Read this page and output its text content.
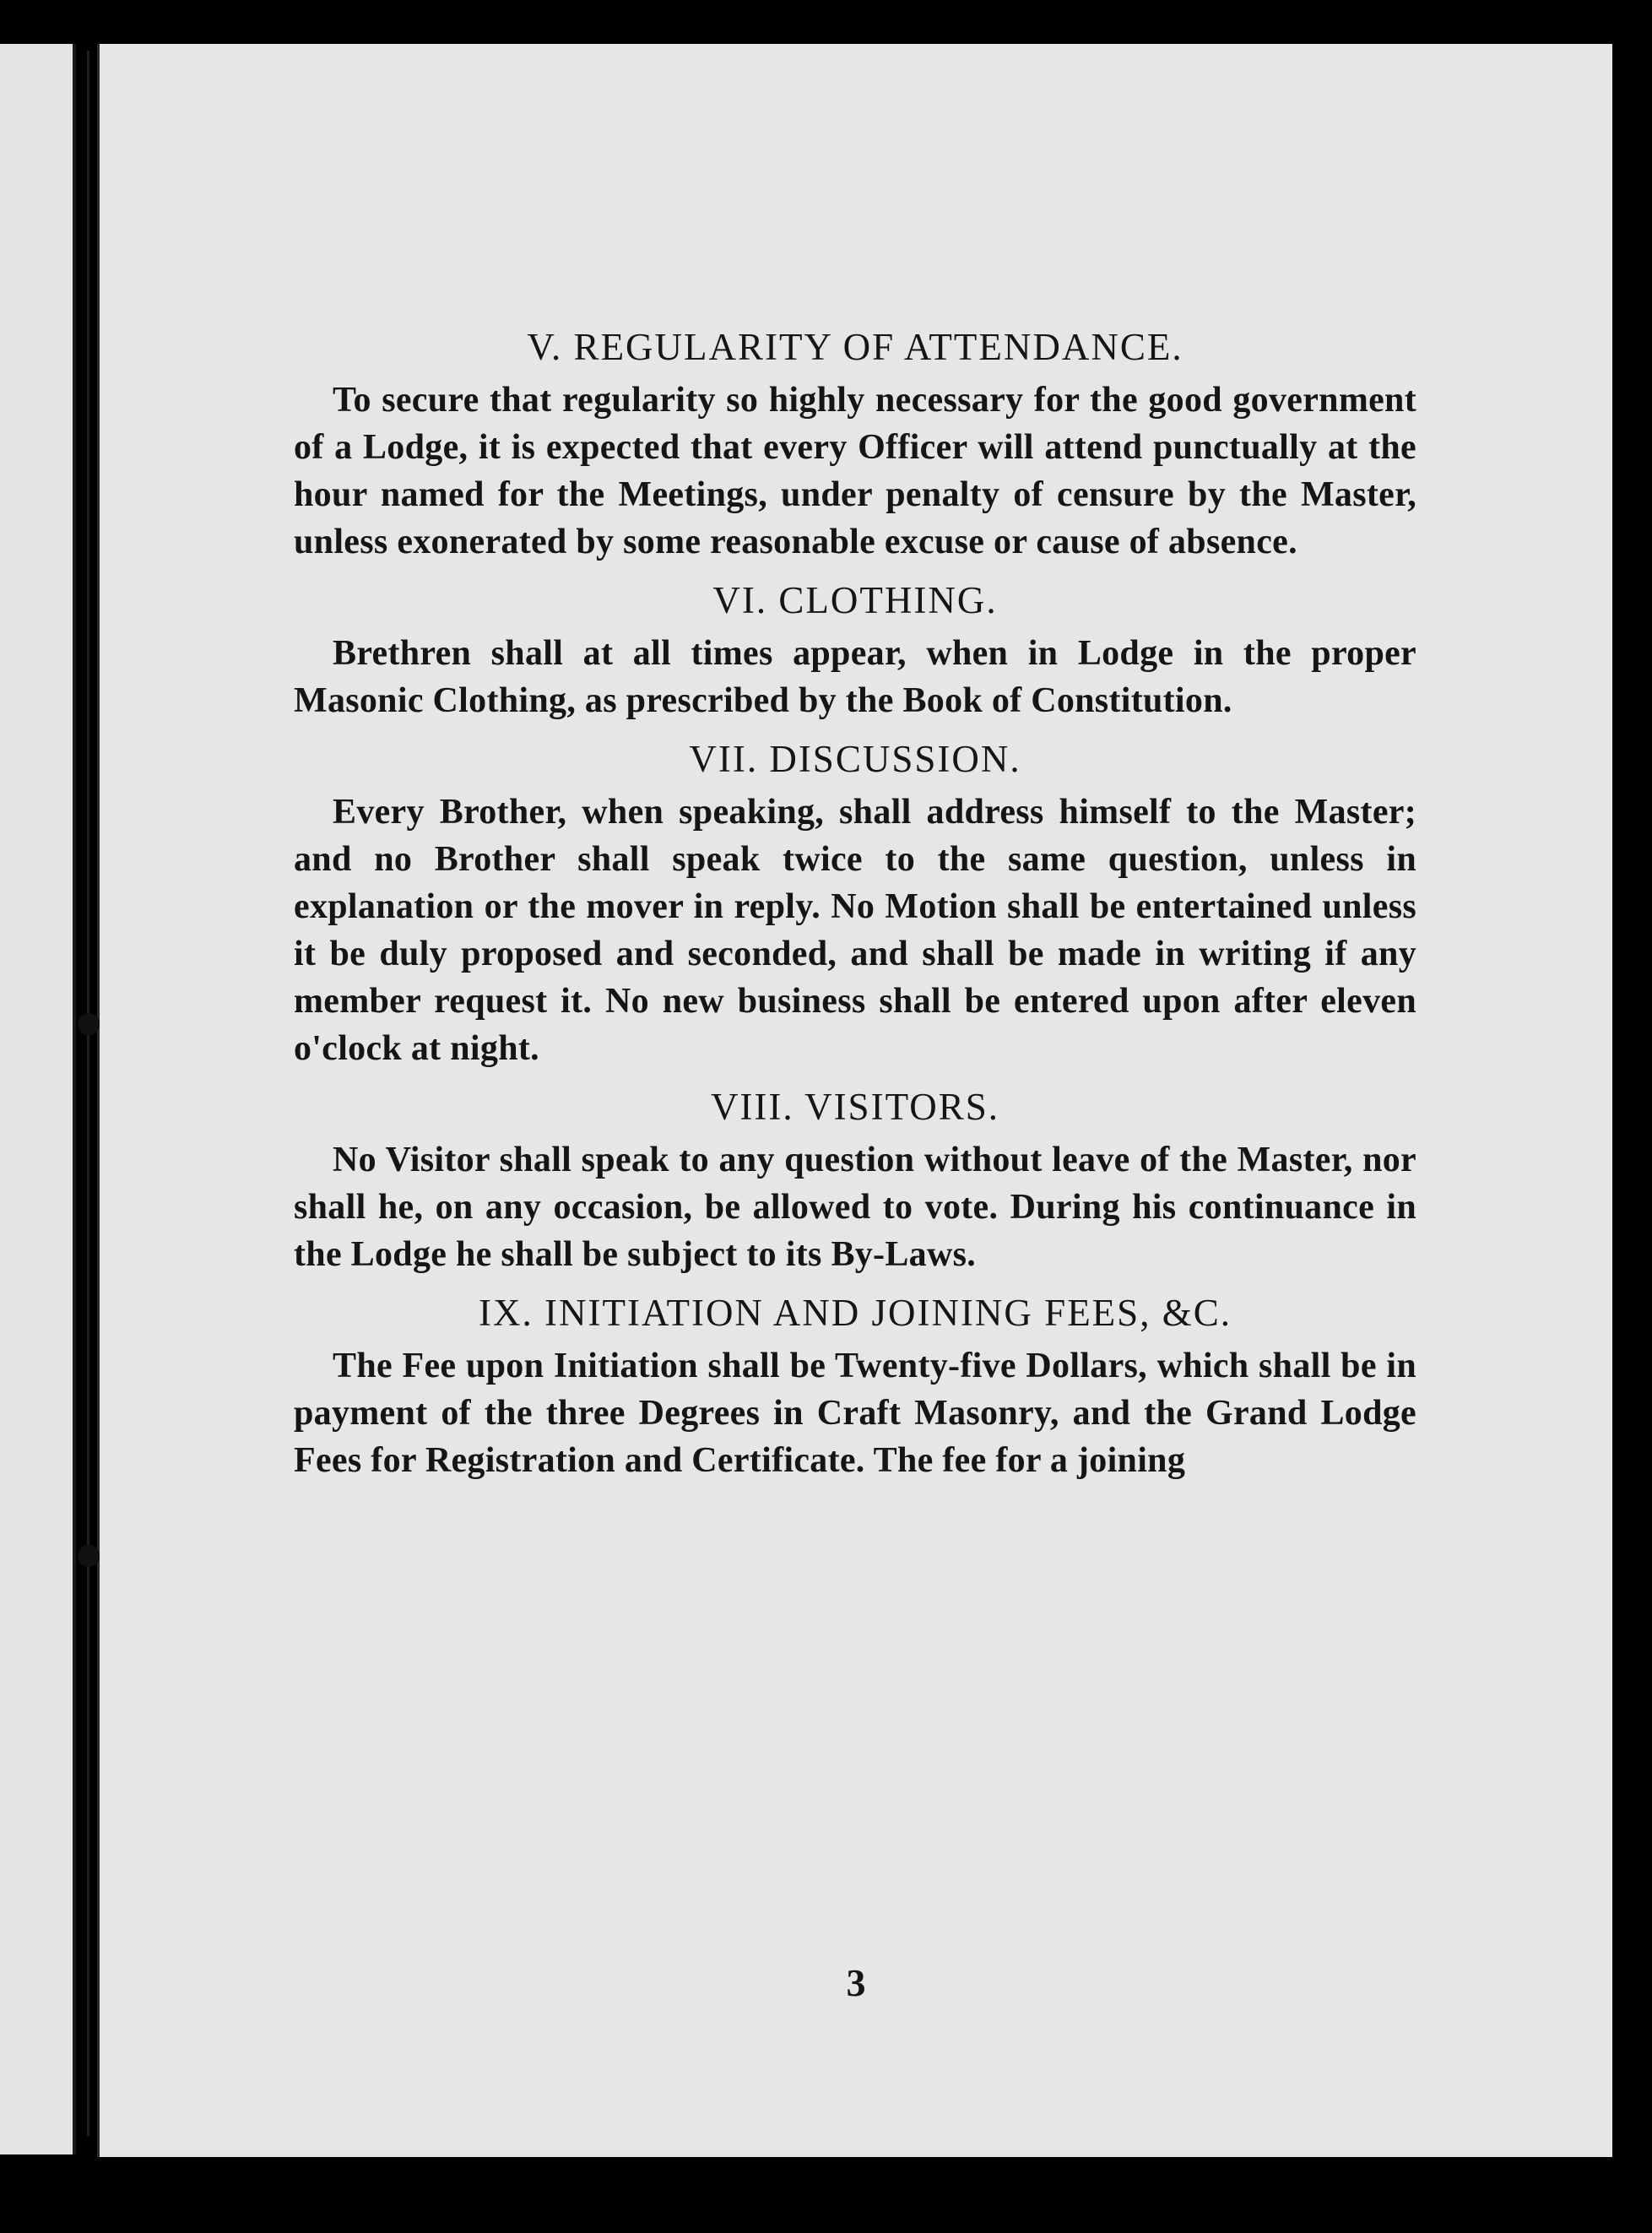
V. REGULARITY OF ATTENDANCE.

To secure that regularity so highly necessary for the good government of a Lodge, it is expected that every Officer will attend punctually at the hour named for the Meetings, under penalty of censure by the Master, unless exonerated by some reasonable excuse or cause of absence.

VI. CLOTHING.

Brethren shall at all times appear, when in Lodge in the proper Masonic Clothing, as prescribed by the Book of Constitution.

VII. DISCUSSION.

Every Brother, when speaking, shall address himself to the Master; and no Brother shall speak twice to the same question, unless in explanation or the mover in reply. No Motion shall be entertained unless it be duly proposed and seconded, and shall be made in writing if any member request it. No new business shall be entered upon after eleven o'clock at night.

VIII. VISITORS.

No Visitor shall speak to any question without leave of the Master, nor shall he, on any occasion, be allowed to vote. During his continuance in the Lodge he shall be subject to its By-Laws.

IX. INITIATION AND JOINING FEES, &C.

The Fee upon Initiation shall be Twenty-five Dollars, which shall be in payment of the three Degrees in Craft Masonry, and the Grand Lodge Fees for Registration and Certificate. The fee for a joining

3
